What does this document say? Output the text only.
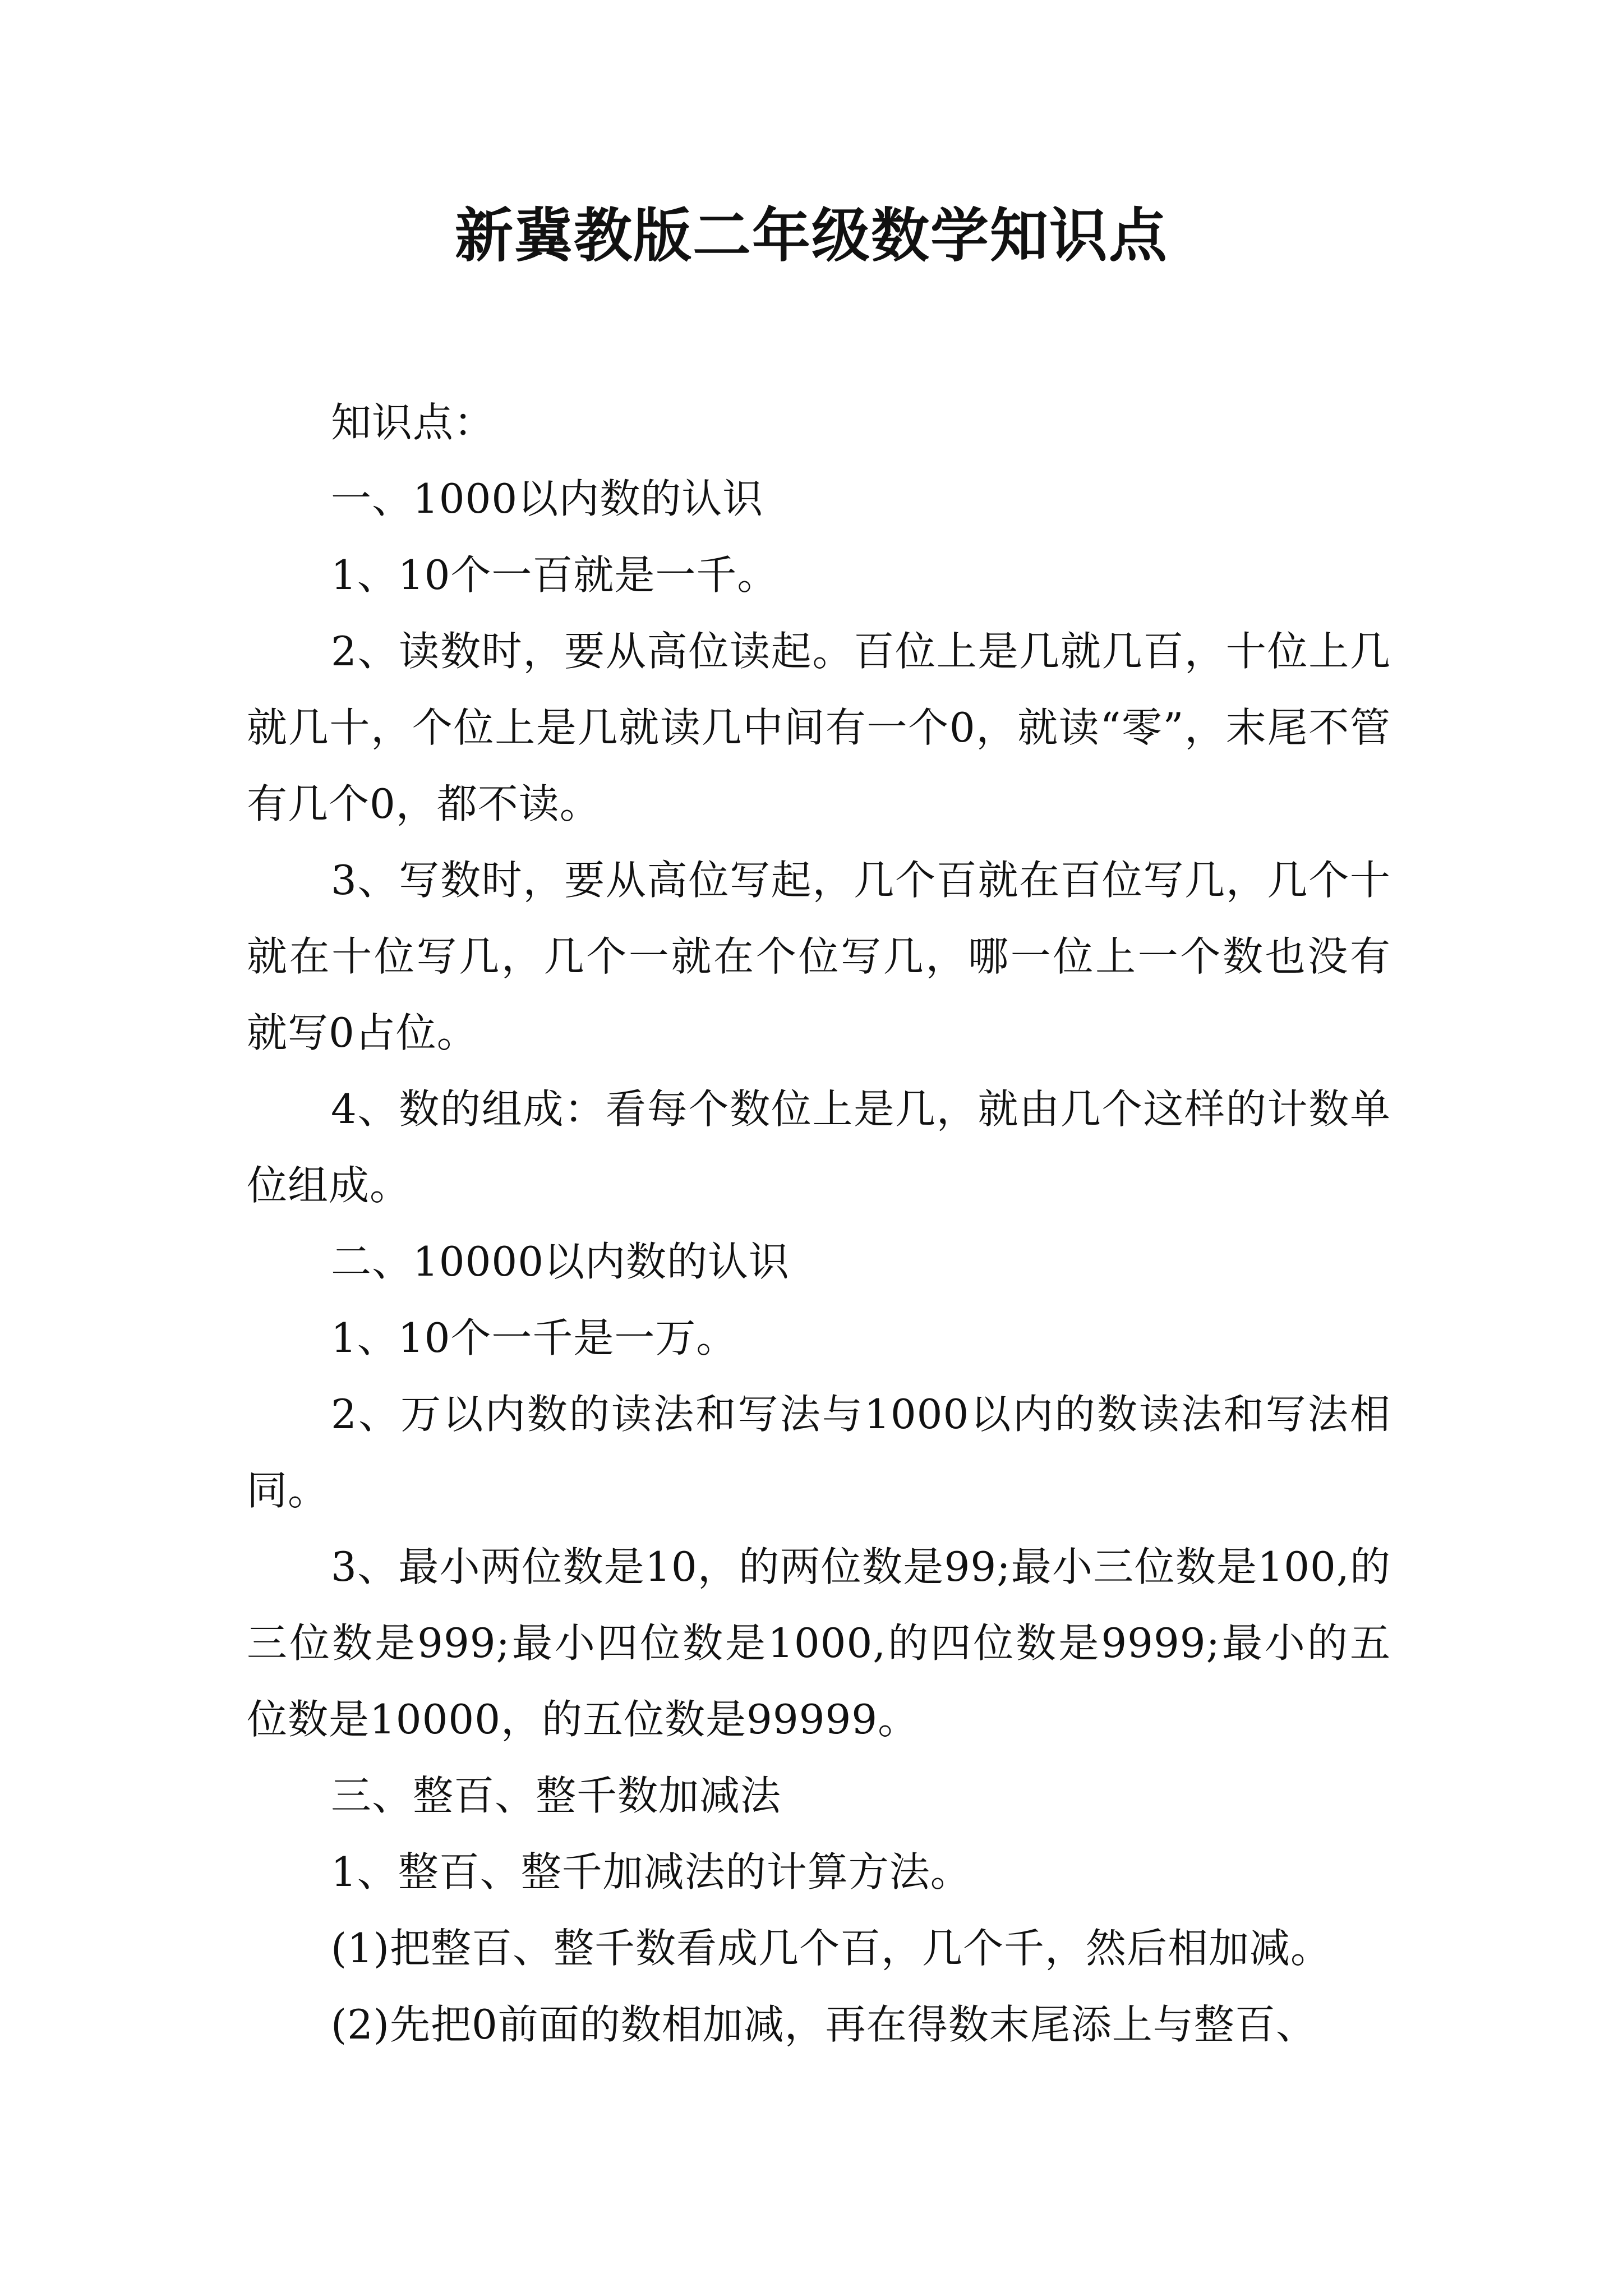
新冀教版二年级数学知识点

知识点：

一、1000以内数的认识

1、10个一百就是一千。

2、读数时，要从高位读起。百位上是几就几百，十位上几就几十，个位上是几就读几中间有一个0，就读“零”，末尾不管有几个0，都不读。

3、写数时，要从高位写起，几个百就在百位写几，几个十就在十位写几，几个一就在个位写几，哪一位上一个数也没有就写0占位。

4、数的组成：看每个数位上是几，就由几个这样的计数单位组成。

二、10000以内数的认识

1、10个一千是一万。

2、万以内数的读法和写法与1000以内的数读法和写法相同。

3、最小两位数是10，的两位数是99;最小三位数是100,的三位数是999;最小四位数是1000,的四位数是9999;最小的五位数是10000，的五位数是99999。

三、整百、整千数加减法

1、整百、整千加减法的计算方法。

(1)把整百、整千数看成几个百，几个千，然后相加减。

(2)先把0前面的数相加减，再在得数末尾添上与整百、
